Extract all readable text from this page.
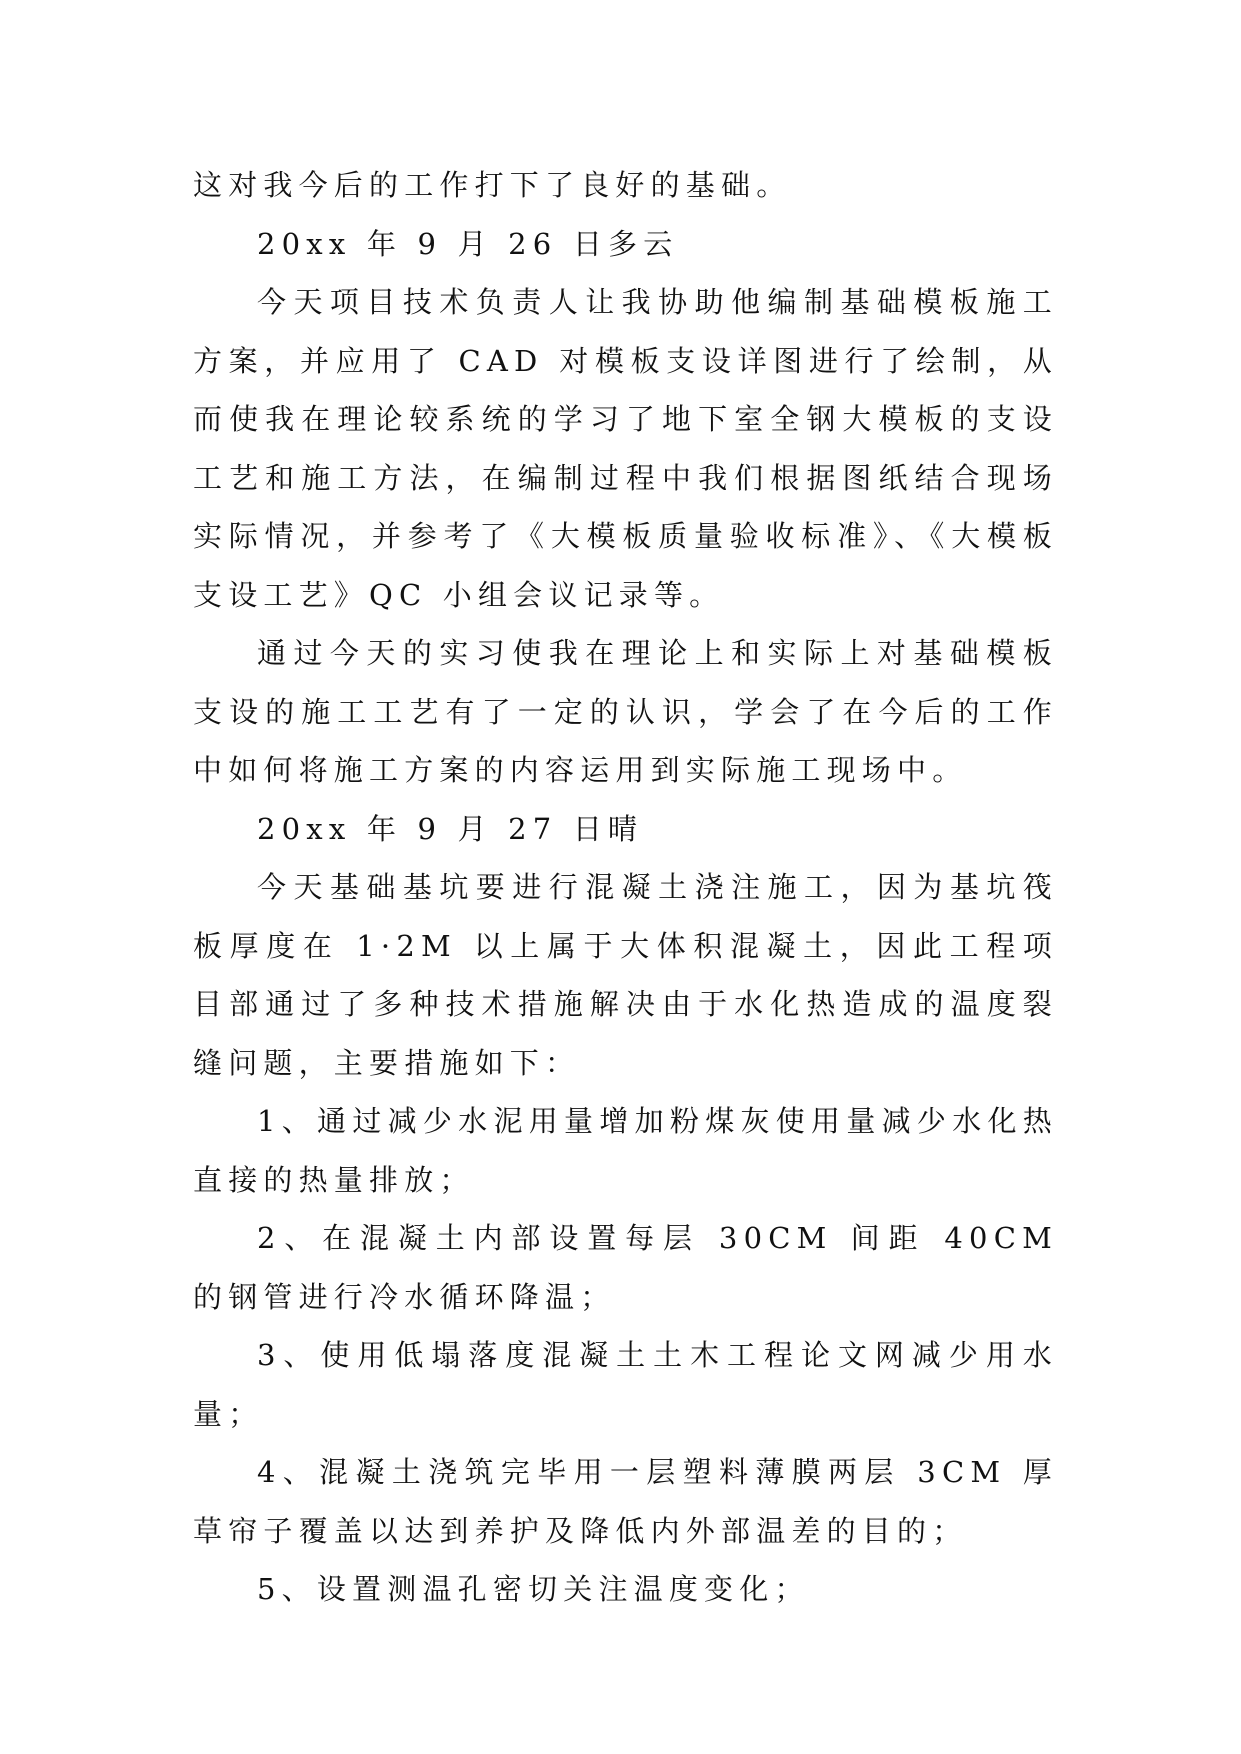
这对我今后的工作打下了良好的基础。

20xx 年 9 月 26 日多云

今天项目技术负责人让我协助他编制基础模板施工方案，并应用了 CAD 对模板支设详图进行了绘制，从而使我在理论较系统的学习了地下室全钢大模板的支设工艺和施工方法，在编制过程中我们根据图纸结合现场实际情况，并参考了《大模板质量验收标准》、《大模板支设工艺》QC 小组会议记录等。

通过今天的实习使我在理论上和实际上对基础模板支设的施工工艺有了一定的认识，学会了在今后的工作中如何将施工方案的内容运用到实际施工现场中。

20xx 年 9 月 27 日晴

今天基础基坑要进行混凝土浇注施工，因为基坑筏板厚度在 1·2M 以上属于大体积混凝土，因此工程项目部通过了多种技术措施解决由于水化热造成的温度裂缝问题，主要措施如下：

1、通过减少水泥用量增加粉煤灰使用量减少水化热直接的热量排放；

2、在混凝土内部设置每层 30CM 间距 40CM 的钢管进行冷水循环降温；

3、使用低塌落度混凝土土木工程论文网减少用水量；

4、混凝土浇筑完毕用一层塑料薄膜两层 3CM 厚草帘子覆盖以达到养护及降低内外部温差的目的；

5、设置测温孔密切关注温度变化；
